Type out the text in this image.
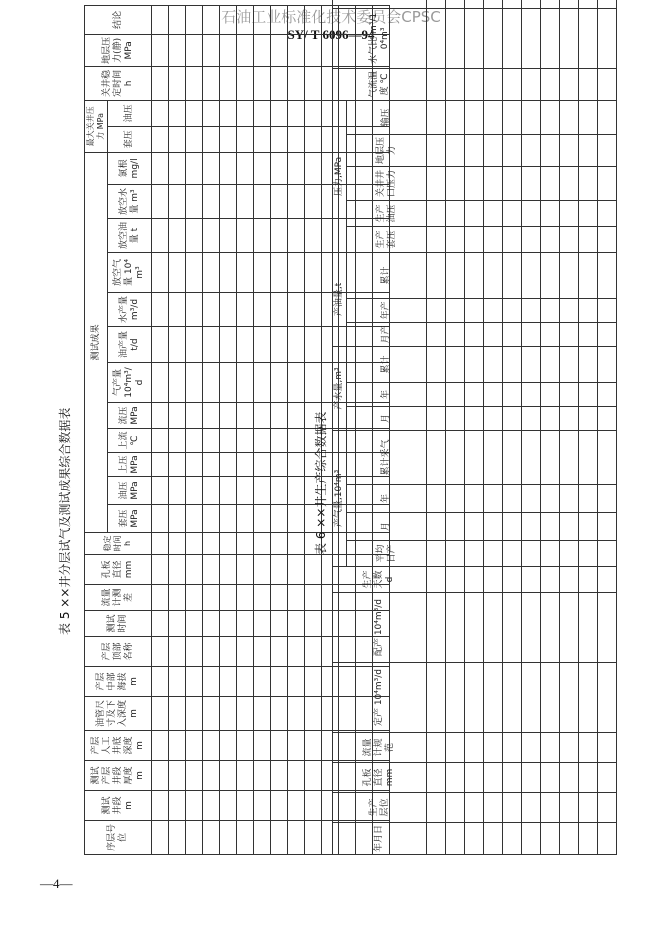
石油工业标准化技术委员会CPSC
SY/ T 6096—94
表 5 ××井分层试气及测试成果综合数据表
序层号位	测试井段 m	测试产层井段厚度 m	产层人工井底深度 m	油管尺寸及下入深度 m	产层中部海拔 m	产层顶部名称	测试时间	流量计测差	孔板直径 mm	稳定时间 h	测试成果												最大关井压力 MPa		关井稳定时间 h	地层压力(静) MPa	结论
											套压 MPa	油压 MPa	上压 MPa	上流 ℃	流压 MPa	气产量 10⁴m³/d	油产量 t/d	水产量 m³/d	放空气量 10⁴m³	放空油量 t	放空水量 m³	氯根 mg/l	套压	油压			

表 6 ××井生产综合数据表
年月日	生产层位	孔板直径 mm	流量计规范	定产 10⁴m³/d	配产 10⁴m³/d	生产天数 d	产气量,10⁴m³				产水量,m³			产油量,t			压力,MPa					气流温度 ℃	水气比 m³/10⁴m³	
							平均日产	月	年	累计采气	月	年	累计	月产	年产	累计	生产套压	生产油压	关井井口压力	地层压力	输压			

—4—
